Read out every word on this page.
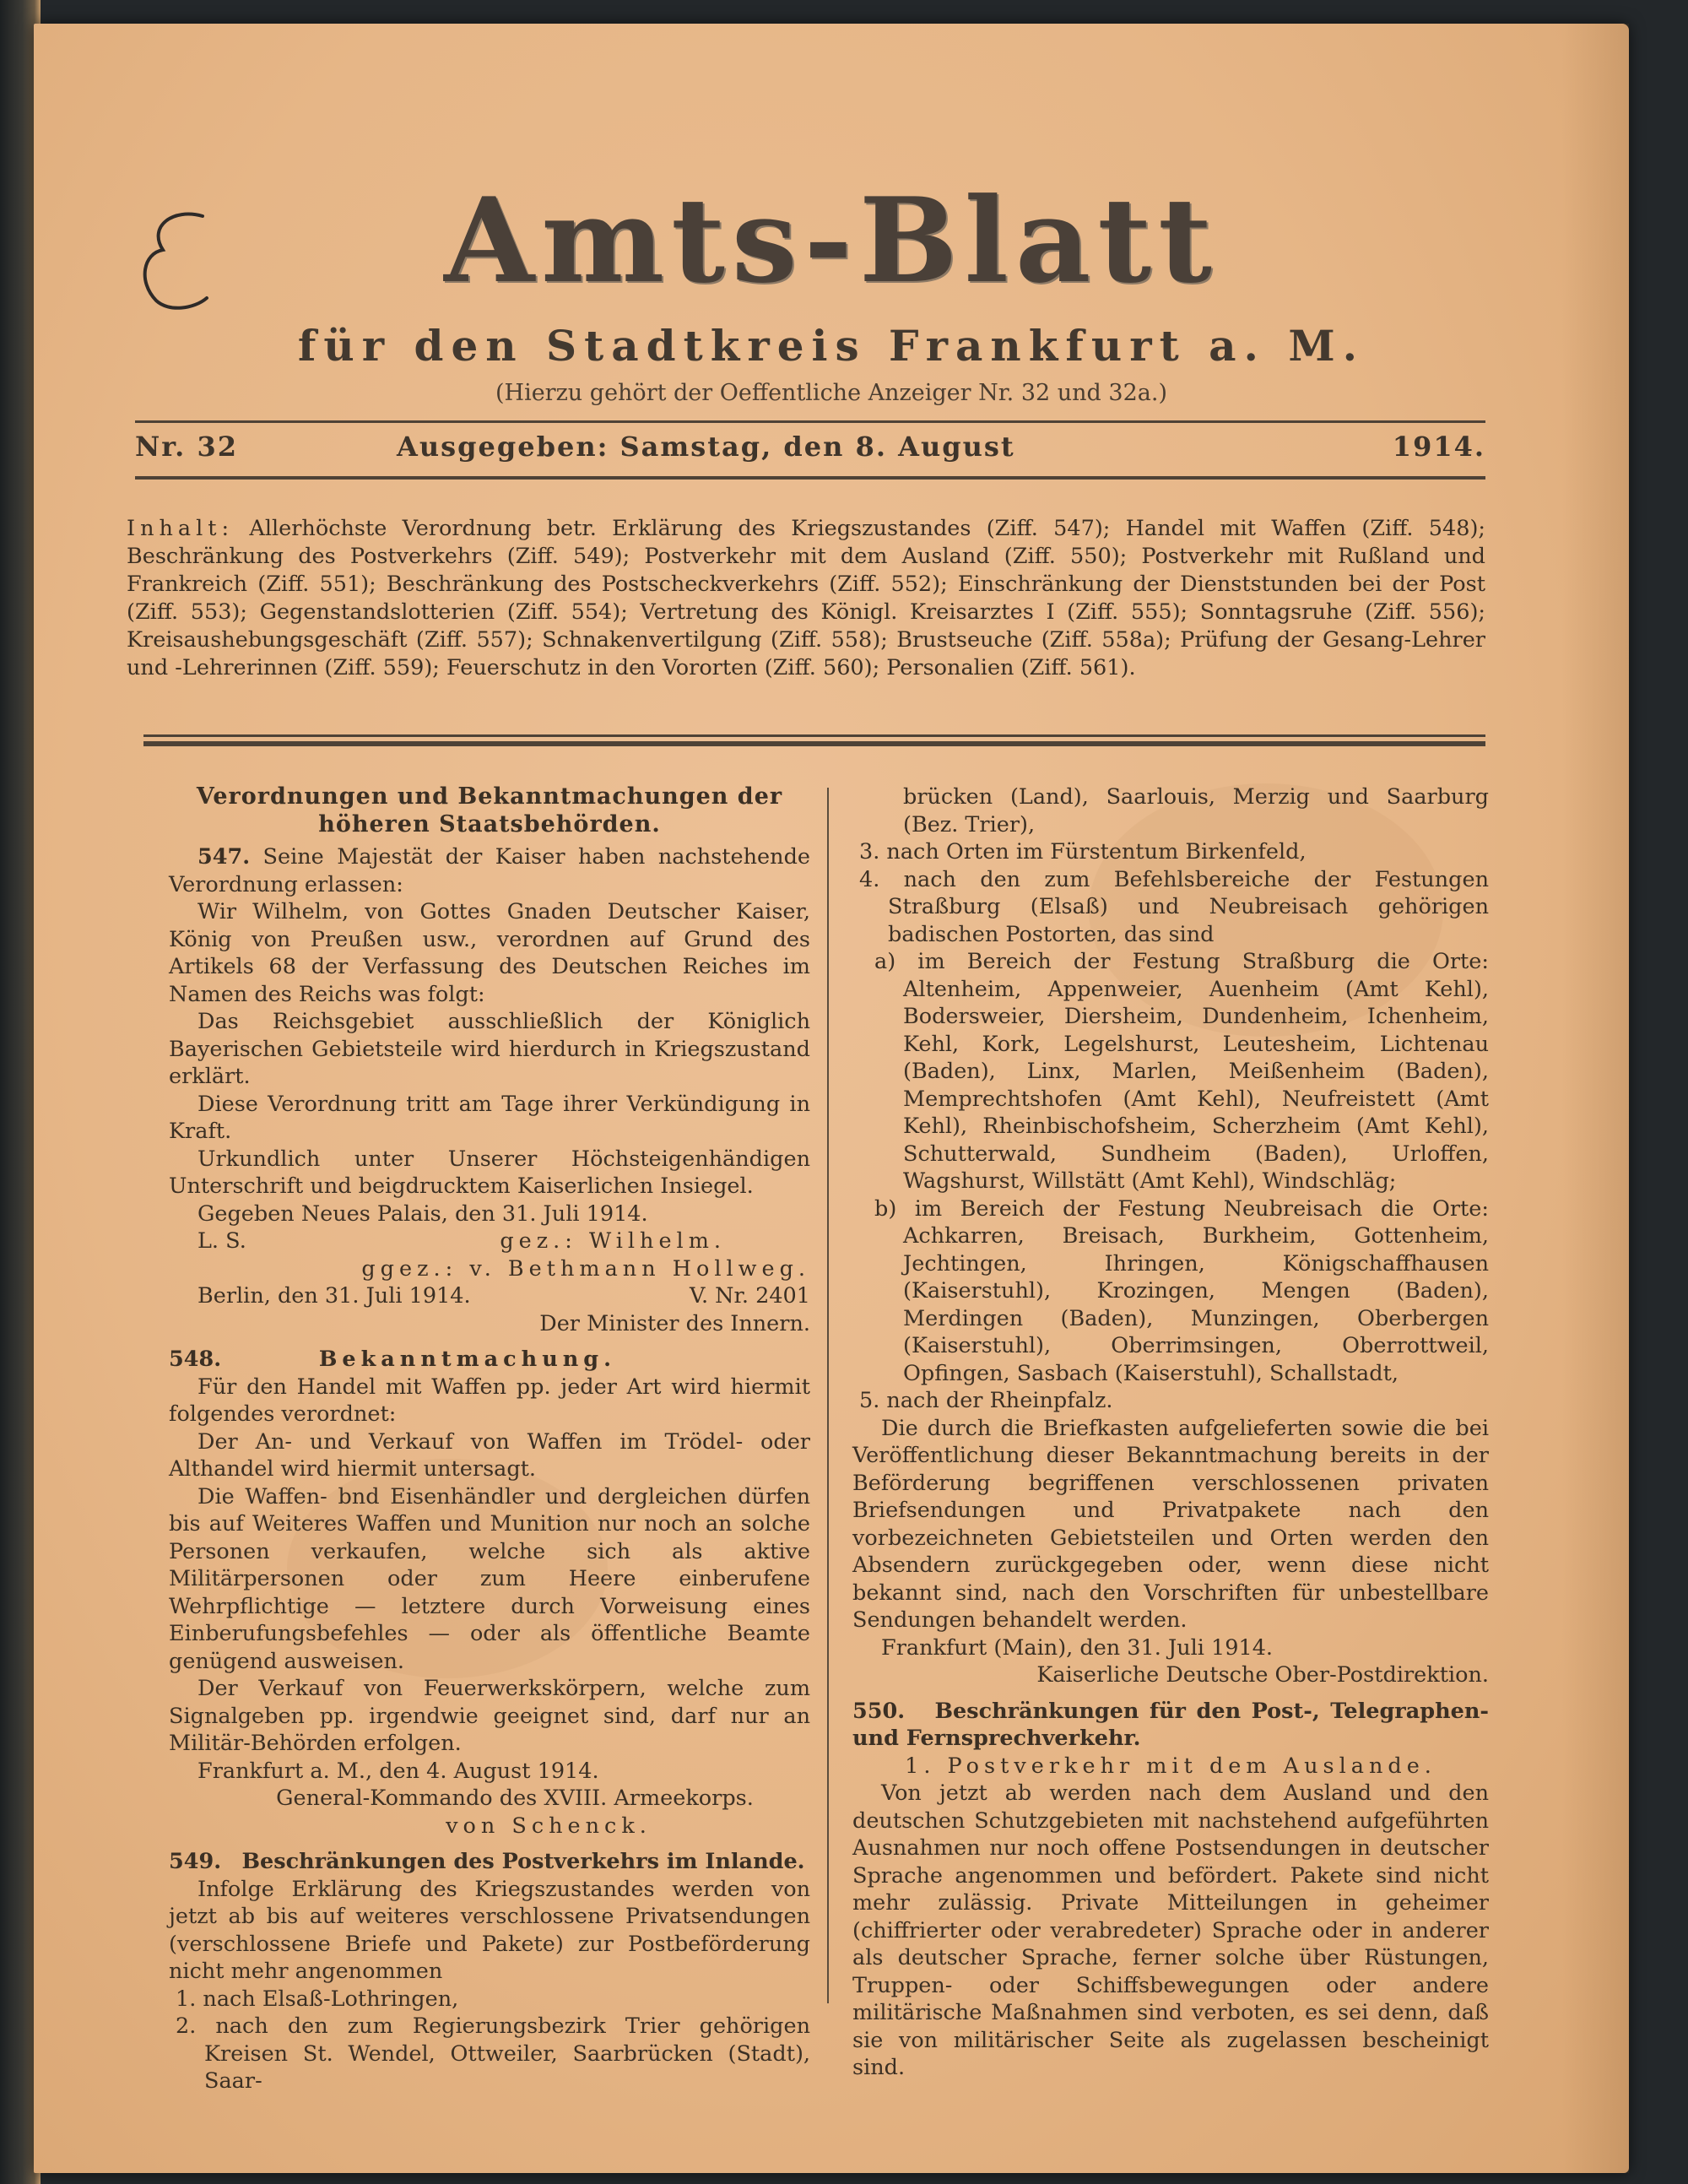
Amts-Blatt
für den Stadtkreis Frankfurt a. M.
(Hierzu gehört der Oeffentliche Anzeiger Nr. 32 und 32a.)
Nr. 32	Ausgegeben: Samstag, den 8. August	1914.
Inhalt: Allerhöchste Verordnung betr. Erklärung des Kriegszustandes (Ziff. 547); Handel mit Waffen (Ziff. 548); Beschränkung des Postverkehrs (Ziff. 549); Postverkehr mit dem Ausland (Ziff. 550); Postverkehr mit Rußland und Frankreich (Ziff. 551); Beschränkung des Postscheckverkehrs (Ziff. 552); Einschränkung der Dienststunden bei der Post (Ziff. 553); Gegenstandslotterien (Ziff. 554); Vertretung des Königl. Kreisarztes I (Ziff. 555); Sonntagsruhe (Ziff. 556); Kreisaushebungsgeschäft (Ziff. 557); Schnakenvertilgung (Ziff. 558); Brustseuche (Ziff. 558a); Prüfung der Gesang-Lehrer und -Lehrerinnen (Ziff. 559); Feuerschutz in den Vororten (Ziff. 560); Personalien (Ziff. 561).

Verordnungen und Bekanntmachungen der höheren Staatsbehörden.

547. Seine Majestät der Kaiser haben nachstehende Verordnung erlassen:

Wir Wilhelm, von Gottes Gnaden Deutscher Kaiser, König von Preußen usw., verordnen auf Grund des Artikels 68 der Verfassung des Deutschen Reiches im Namen des Reichs was folgt:

Das Reichsgebiet ausschließlich der Königlich Bayerischen Gebietsteile wird hierdurch in Kriegszustand erklärt.

Diese Verordnung tritt am Tage ihrer Verkündigung in Kraft.

Urkundlich unter Unserer Höchsteigenhändigen Unterschrift und beigdrucktem Kaiserlichen Insiegel.

Gegeben Neues Palais, den 31. Juli 1914.

L. S.	gez.: Wilhelm.

ggez.: v. Bethmann Hollweg.

Berlin, den 31. Juli 1914.	V. Nr. 2401

Der Minister des Innern.

548.	Bekanntmachung.

Für den Handel mit Waffen pp. jeder Art wird hiermit folgendes verordnet:

Der An- und Verkauf von Waffen im Trödel- oder Althandel wird hiermit untersagt.

Die Waffen- bnd Eisenhändler und dergleichen dürfen bis auf Weiteres Waffen und Munition nur noch an solche Personen verkaufen, welche sich als aktive Militärpersonen oder zum Heere einberufene Wehrpflichtige — letztere durch Vorweisung eines Einberufungsbefehles — oder als öffentliche Beamte genügend ausweisen.

Der Verkauf von Feuerwerkskörpern, welche zum Signalgeben pp. irgendwie geeignet sind, darf nur an Militär-Behörden erfolgen.

Frankfurt a. M., den 4. August 1914.

General-Kommando des XVIII. Armeekorps.

von Schenck.

549. Beschränkungen des Postverkehrs im Inlande.

Infolge Erklärung des Kriegszustandes werden von jetzt ab bis auf weiteres verschlossene Privatsendungen (verschlossene Briefe und Pakete) zur Postbeförderung nicht mehr angenommen

1. nach Elsaß-Lothringen,

2. nach den zum Regierungsbezirk Trier gehörigen Kreisen St. Wendel, Ottweiler, Saarbrücken (Stadt), Saar-

brücken (Land), Saarlouis, Merzig und Saarburg (Bez. Trier),

3. nach Orten im Fürstentum Birkenfeld,

4. nach den zum Befehlsbereiche der Festungen Straßburg (Elsaß) und Neubreisach gehörigen badischen Postorten, das sind

a) im Bereich der Festung Straßburg die Orte: Altenheim, Appenweier, Auenheim (Amt Kehl), Bodersweier, Diersheim, Dundenheim, Ichenheim, Kehl, Kork, Legelshurst, Leutesheim, Lichtenau (Baden), Linx, Marlen, Meißenheim (Baden), Memprechtshofen (Amt Kehl), Neufreistett (Amt Kehl), Rheinbischofsheim, Scherzheim (Amt Kehl), Schutterwald, Sundheim (Baden), Urloffen, Wagshurst, Willstätt (Amt Kehl), Windschläg;

b) im Bereich der Festung Neubreisach die Orte: Achkarren, Breisach, Burkheim, Gottenheim, Jechtingen, Ihringen, Königschaffhausen (Kaiserstuhl), Krozingen, Mengen (Baden), Merdingen (Baden), Munzingen, Oberbergen (Kaiserstuhl), Oberrimsingen, Oberrottweil, Opfingen, Sasbach (Kaiserstuhl), Schallstadt,

5. nach der Rheinpfalz.

Die durch die Briefkasten aufgelieferten sowie die bei Veröffentlichung dieser Bekanntmachung bereits in der Beförderung begriffenen verschlossenen privaten Briefsendungen und Privatpakete nach den vorbezeichneten Gebietsteilen und Orten werden den Absendern zurückgegeben oder, wenn diese nicht bekannt sind, nach den Vorschriften für unbestellbare Sendungen behandelt werden.

Frankfurt (Main), den 31. Juli 1914.

Kaiserliche Deutsche Ober-Postdirektion.

550. Beschränkungen für den Post-, Telegraphen- und Fernsprechverkehr.

1. Postverkehr mit dem Auslande.

Von jetzt ab werden nach dem Ausland und den deutschen Schutzgebieten mit nachstehend aufgeführten Ausnahmen nur noch offene Postsendungen in deutscher Sprache angenommen und befördert. Pakete sind nicht mehr zulässig. Private Mitteilungen in geheimer (chiffrierter oder verabredeter) Sprache oder in anderer als deutscher Sprache, ferner solche über Rüstungen, Truppen- oder Schiffsbewegungen oder andere militärische Maßnahmen sind verboten, es sei denn, daß sie von militärischer Seite als zugelassen bescheinigt sind.
